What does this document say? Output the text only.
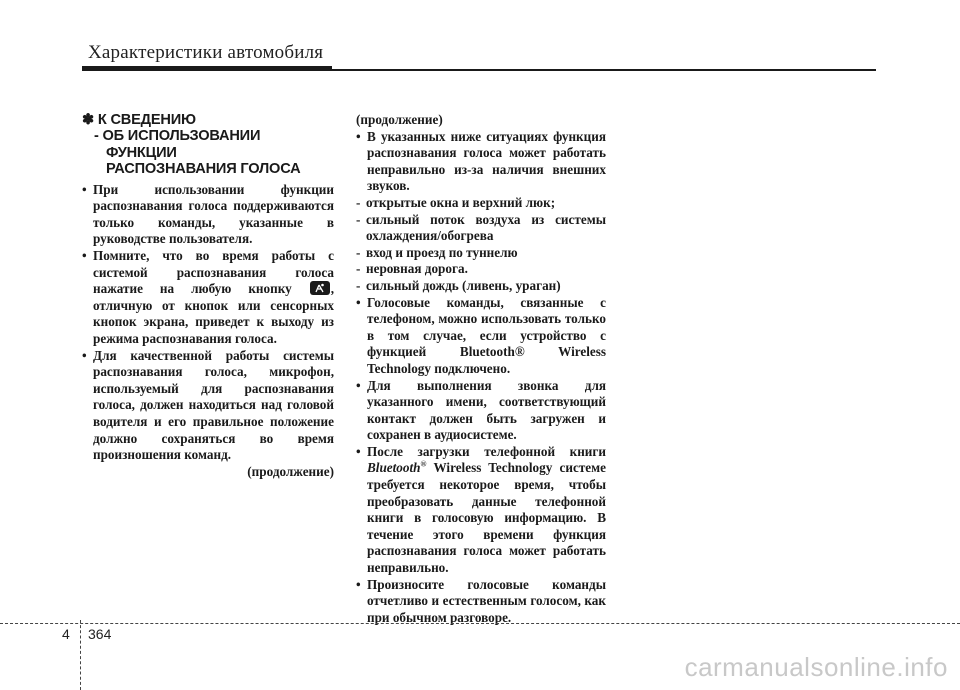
Характеристики автомобиля
✽ К СВЕДЕНИЮ
- ОБ ИСПОЛЬЗОВАНИИ
ФУНКЦИИ
РАСПОЗНАВАНИЯ ГОЛОСА
• При использовании функции распознавания голоса поддерживаются только команды, указанные в руководстве пользователя.
• Помните, что во время работы с системой распознавания голоса нажатие на любую кнопку	, отличную от кнопок или сенсорных кнопок экрана, приведет к выходу из режима распознавания голоса.
• Для качественной работы системы распознавания голоса, микрофон, используемый для распознавания голоса, должен находиться над головой водителя и его правильное положение должно сохраняться во время произношения команд.
(продолжение)
(продолжение)
• В указанных ниже ситуациях функция распознавания голоса может работать неправильно из-за наличия внешних звуков.
- открытые окна и верхний люк;
- сильный поток воздуха из системы охлаждения/обогрева
- вход и проезд по туннелю
- неровная дорога.
- сильный дождь (ливень, ураган)
• Голосовые команды, связанные с телефоном, можно использовать только в том случае, если устройство с функцией Bluetooth® Wireless Technology подключено.
• Для выполнения звонка для указанного имени, соответствующий контакт должен быть загружен и сохранен в аудиосистеме.
• После загрузки телефонной книги Bluetooth® Wireless Technology системе требуется некоторое время, чтобы преобразовать данные телефонной книги в голосовую информацию. В течение этого времени функция распознавания голоса может работать неправильно.
• Произносите голосовые команды отчетливо и естественным голосом, как при обычном разговоре.
4 364
carmanualsonline.info
